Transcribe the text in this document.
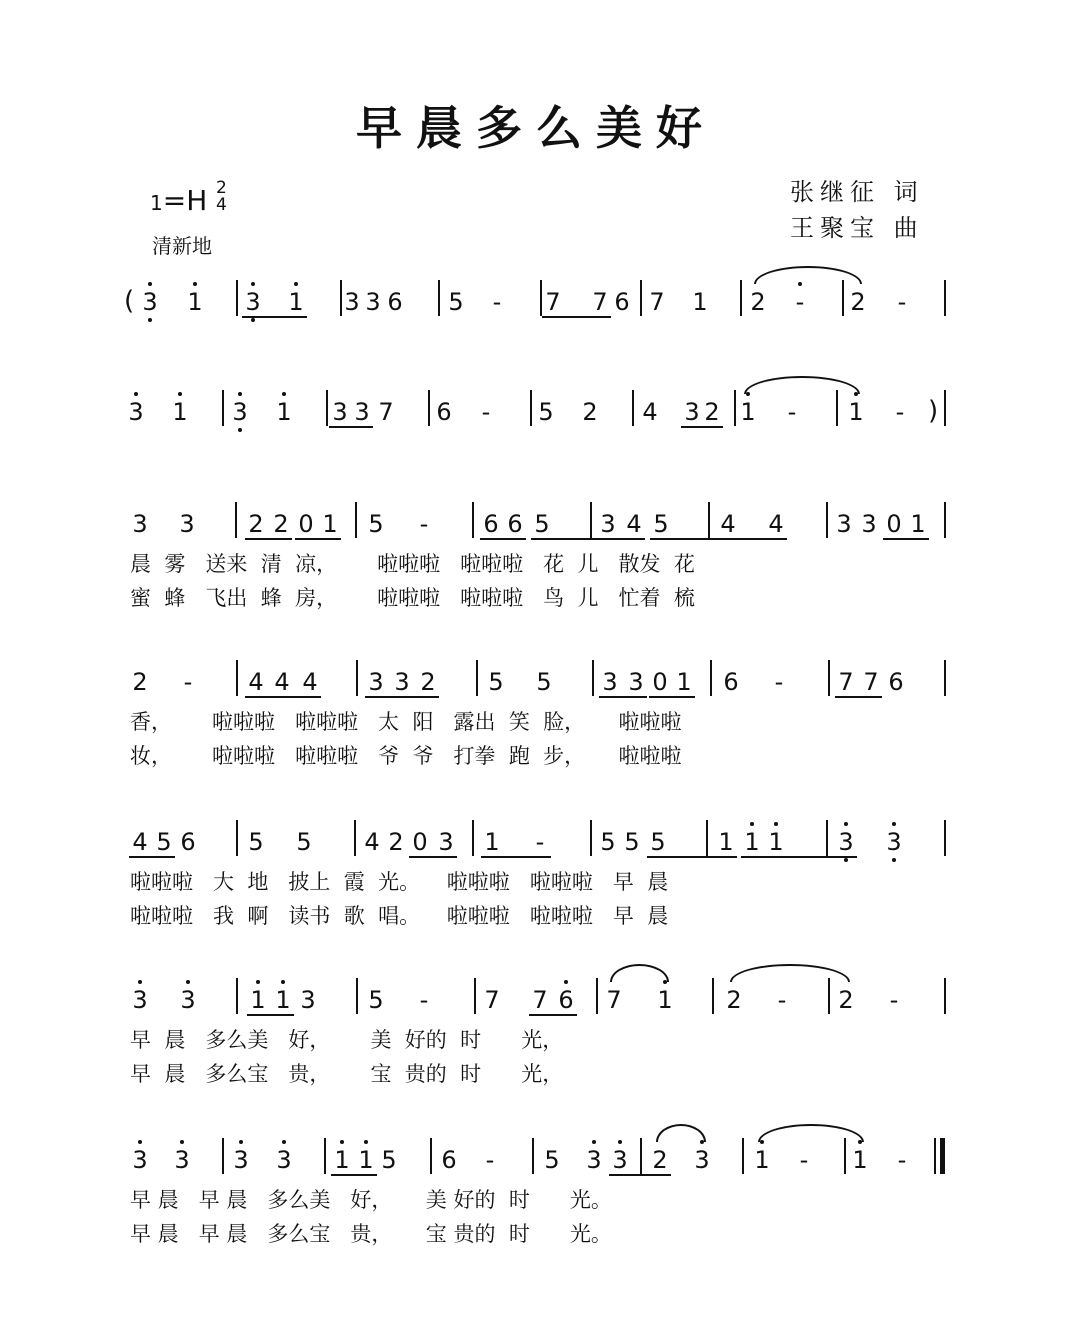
早晨多么美好
1=H 2
4
清新地
张继征 词
王聚宝 曲
3 1 3 1 3 3 6 5 - 7 7 6 7 1 2 - 2 -
(
3 1 3 1 3 3 7 6 - 5 2 4 3 2 1 - 1 - )
3 3 2 2 0 1 5 - 6 6 5 3 4 5 4 4 3 3 0 1
晨  雾   送来  清  凉，      啦啦啦   啦啦啦   花  儿   散发  花
蜜  蜂   飞出  蜂  房，      啦啦啦   啦啦啦   鸟  儿   忙着  梳
2 - 4 4 4 3 3 2 5 5 3 3 0 1 6 - 7 7 6
香，      啦啦啦   啦啦啦   太  阳   露出  笑  脸，     啦啦啦
妆，      啦啦啦   啦啦啦   爷  爷   打拳  跑  步，     啦啦啦
4 5 6 5 5 4 2 0 3 1 - 5 5 5 1 1 1 3 3
啦啦啦   大  地   披上  霞  光。    啦啦啦   啦啦啦   早  晨
啦啦啦   我  啊   读书  歌  唱。    啦啦啦   啦啦啦   早  晨
3 3 1 1 3 5 - 7 7 6 7 1 2 - 2 -
早  晨   多么美   好，      美  好的  时      光，
早  晨   多么宝   贵，      宝  贵的  时      光，
3 3 3 3 1 1 5 6 - 5 3 3 2 3 1 - 1 -
早 晨   早 晨   多么美   好，     美 好的  时      光。
早 晨   早 晨   多么宝   贵，     宝 贵的  时      光。
